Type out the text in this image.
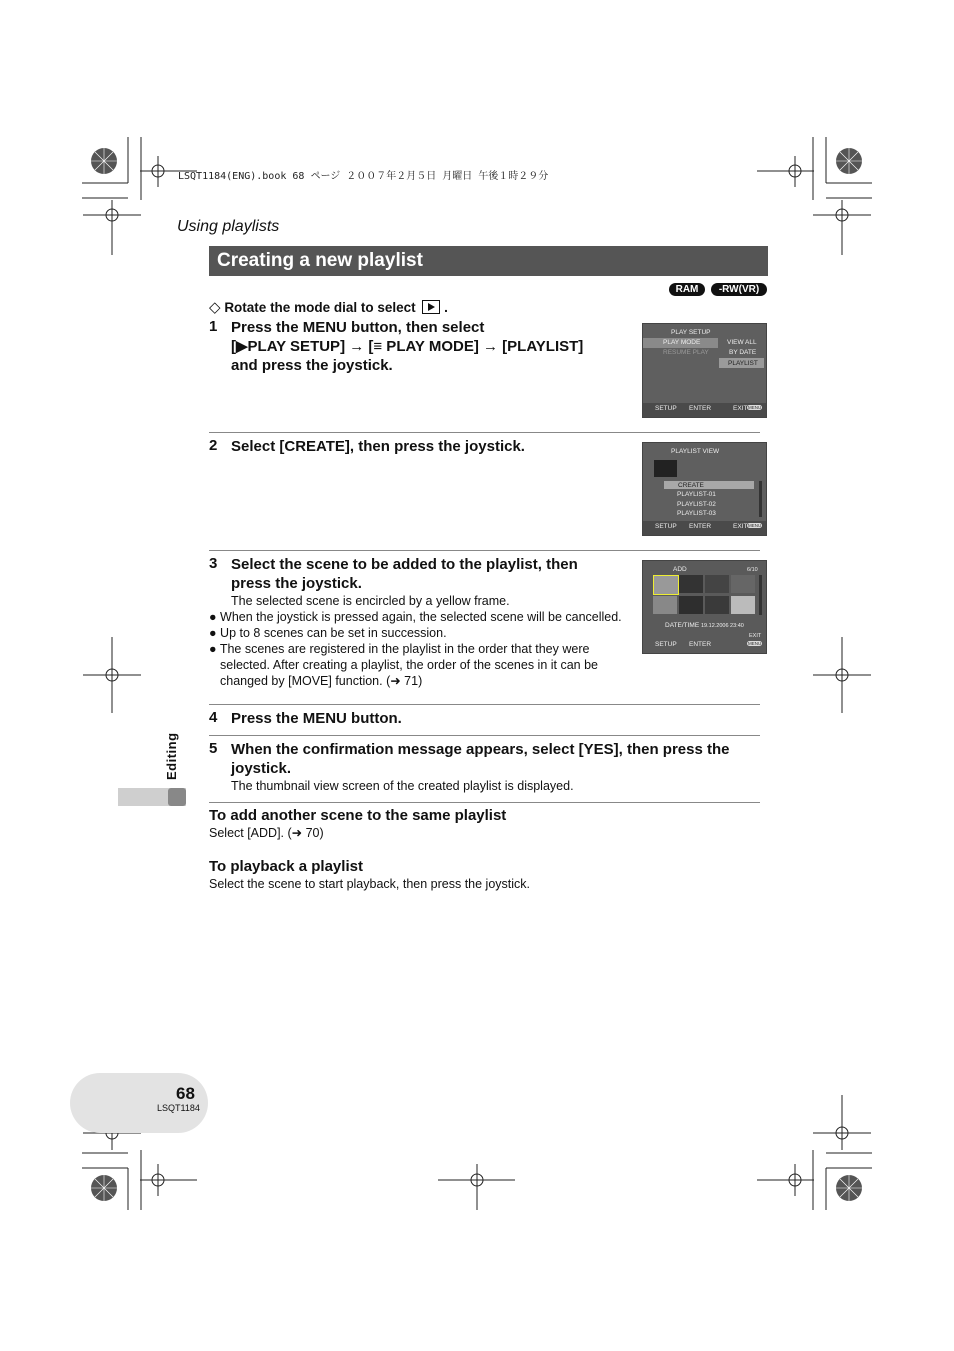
LSQT1184(ENG).book 68 ページ ２００７年２月５日 月曜日 午後１時２９分
Using playlists
Creating a new playlist
RAM	-RW(VR)
◇ Rotate the mode dial to select .
1 Press the MENU button, then select
[▶PLAY SETUP] → [≡ PLAY MODE] → [PLAYLIST]
and press the joystick.
PLAY SETUP
PLAY MODE
RESUME PLAY
VIEW ALL
BY DATE
PLAYLIST
SETUP ENTER	EXIT MENU
2 Select [CREATE], then press the joystick.	PLAYLIST VIEW
CREATE
PLAYLIST-01
PLAYLIST-02
PLAYLIST-03
SETUP ENTER	EXIT MENU
3 Select the scene to be added to the playlist, then
press the joystick.
The selected scene is encircled by a yellow frame.
● When the joystick is pressed again, the selected scene will be cancelled.
● Up to 8 scenes can be set in succession.
● The scenes are registered in the playlist in the order that they were
selected. After creating a playlist, the order of the scenes in it can be
changed by [MOVE] function. (➜ 71)
ADD	6/10
DATE/TIME 19.12.2006 23:40
EXIT
SETUP ENTER	MENU
4 Press the MENU button.
5 When the confirmation message appears, select [YES], then press the
joystick.
The thumbnail view screen of the created playlist is displayed.
To add another scene to the same playlist
Select [ADD]. (➜ 70)
To playback a playlist
Select the scene to start playback, then press the joystick.
Editing
68
LSQT1184
